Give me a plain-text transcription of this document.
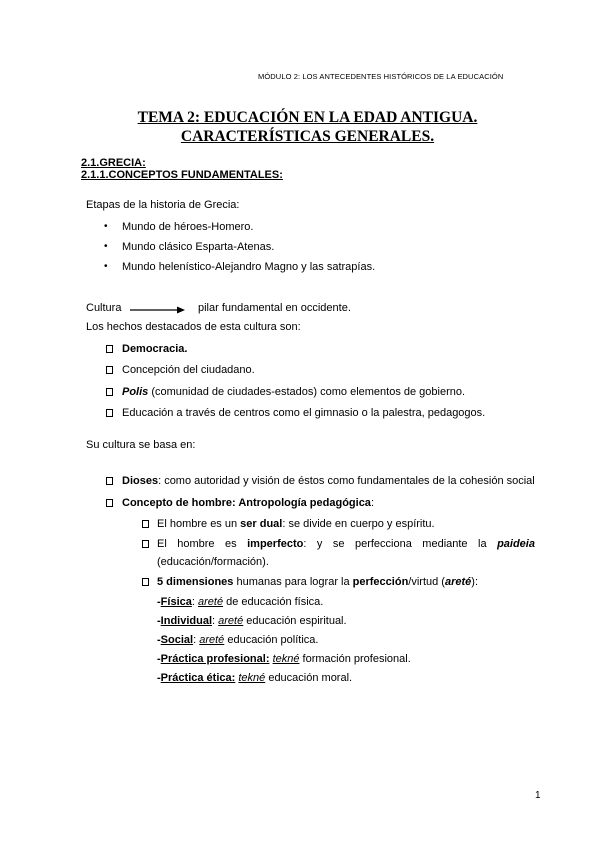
MÓDULO 2: LOS ANTECEDENTES HISTÓRICOS DE LA EDUCACIÓN
TEMA 2: EDUCACIÓN EN LA EDAD ANTIGUA. CARACTERÍSTICAS GENERALES.
2.1.GRECIA:
2.1.1.CONCEPTOS FUNDAMENTALES:
Etapas de la historia de Grecia:
• Mundo de héroes-Homero.
• Mundo clásico Esparta-Atenas.
• Mundo helenístico-Alejandro Magno y las satrapías.
Cultura	pilar fundamental en occidente.
Los hechos destacados de esta cultura son:
Democracia.
Concepción del ciudadano.
Polis (comunidad de ciudades-estados) como elementos de gobierno.
Educación a través de centros como el gimnasio o la palestra, pedagogos.
Su cultura se basa en:
Dioses: como autoridad y visión de éstos como fundamentales de la cohesión social
Concepto de hombre: Antropología pedagógica:
El hombre es un ser dual: se divide en cuerpo y espíritu.
El hombre es imperfecto: y se perfecciona mediante la paideia
(educación/formación).
5 dimensiones humanas para lograr la perfección/virtud (areté):
-Física: areté de educación física.
-Individual: areté educación espiritual.
-Social: areté educación política.
-Práctica profesional: tekné formación profesional.
-Práctica ética: tekné educación moral.
1
